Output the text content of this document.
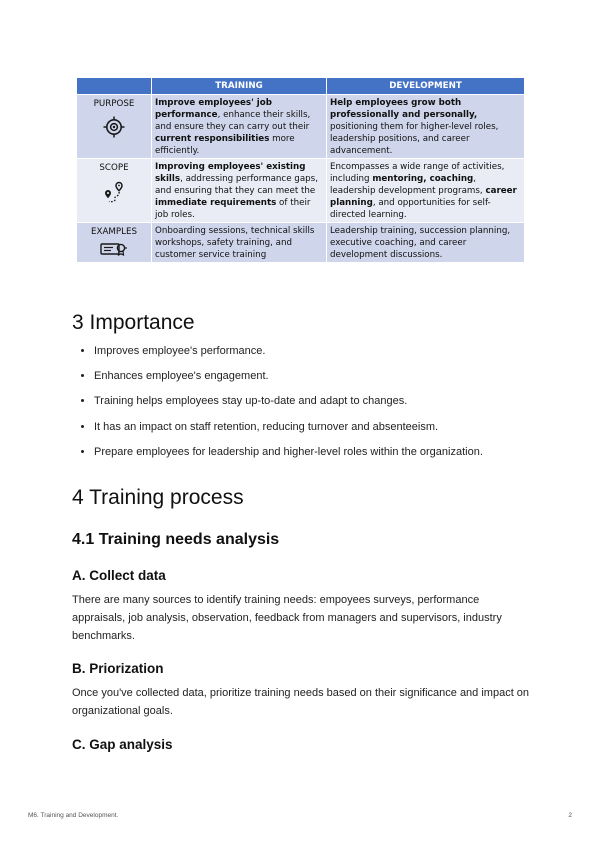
	TRAINING	DEVELOPMENT

PURPOSE	Improve employees' job performance, enhance their skills, and ensure they can carry out their current responsibilities more efficiently.	Help employees grow both professionally and personally, positioning them for higher-level roles, leadership positions, and career advancement.

SCOPE	Improving employees' existing skills, addressing performance gaps, and ensuring that they can meet the immediate requirements of their job roles.	Encompasses a wide range of activities, including mentoring, coaching, leadership development programs, career planning, and opportunities for self-directed learning.

EXAMPLES	Onboarding sessions, technical skills workshops, safety training, and customer service training	Leadership training, succession planning, executive coaching, and career development discussions.
3 Importance
• Improves employee's performance.
• Enhances employee's engagement.
• Training helps employees stay up-to-date and adapt to changes.
• It has an impact on staff retention, reducing turnover and absenteeism.
• Prepare employees for leadership and higher-level roles within the organization.
4 Training process
4.1 Training needs analysis
A. Collect data

There are many sources to identify training needs: empoyees surveys, performance appraisals, job analysis, observation, feedback from managers and supervisors, industry benchmarks.

B. Priorization

Once you've collected data, prioritize training needs based on their significance and impact on organizational goals.

C. Gap analysis
M6. Training and Development.	2
